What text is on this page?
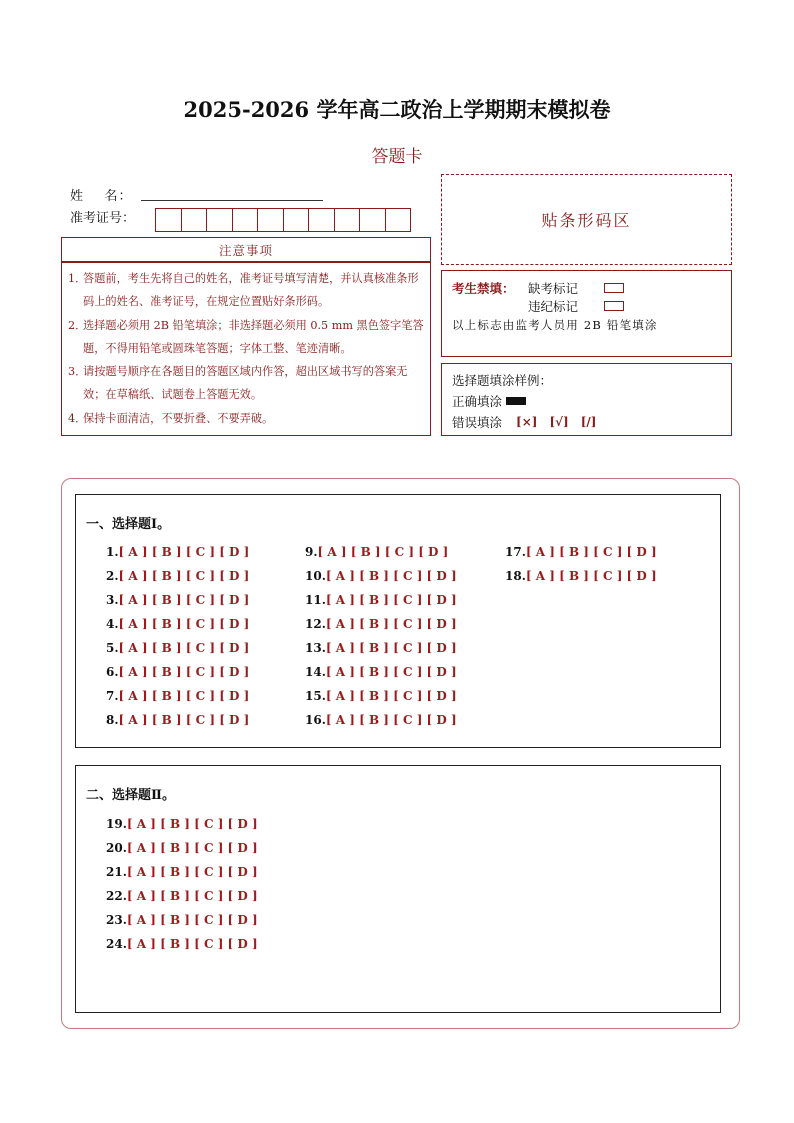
2025-2026 学年高二政治上学期期末模拟卷
答题卡
姓    名：
准考证号：	贴条形码区
注意事项
1．
答题前，考生先将自己的姓名，准考证号填写清楚，并认真核准条形码上的姓名、准考证号，在规定位置贴好条形码。
2．
选择题必须用 2B 铅笔填涂；非选择题必须用 0.5 mm 黑色签字笔答题，不得用铅笔或圆珠笔答题；字体工整、笔迹清晰。
3．
请按题号顺序在各题目的答题区域内作答，超出区域书写的答案无效；在草稿纸、试题卷上答题无效。
4．
保持卡面清洁，不要折叠、不要弄破。
考生禁填： 缺考标记
违纪标记
以上标志由监考人员用 2B 铅笔填涂
选择题填涂样例：
正确填涂
错误填涂 [×] [√] [/]
一、选择题Ⅰ。
1.[ A ] [ B ] [ C ] [ D ]
2.[ A ] [ B ] [ C ] [ D ]
3.[ A ] [ B ] [ C ] [ D ]
4.[ A ] [ B ] [ C ] [ D ]
5.[ A ] [ B ] [ C ] [ D ]
6.[ A ] [ B ] [ C ] [ D ]
7.[ A ] [ B ] [ C ] [ D ]
8.[ A ] [ B ] [ C ] [ D ]
9.[ A ] [ B ] [ C ] [ D ]
10.[ A ] [ B ] [ C ] [ D ]
11.[ A ] [ B ] [ C ] [ D ]
12.[ A ] [ B ] [ C ] [ D ]
13.[ A ] [ B ] [ C ] [ D ]
14.[ A ] [ B ] [ C ] [ D ]
15.[ A ] [ B ] [ C ] [ D ]
16.[ A ] [ B ] [ C ] [ D ]
17.[ A ] [ B ] [ C ] [ D ]
18.[ A ] [ B ] [ C ] [ D ]
二、选择题Ⅱ。
19.[ A ] [ B ] [ C ] [ D ]
20.[ A ] [ B ] [ C ] [ D ]
21.[ A ] [ B ] [ C ] [ D ]
22.[ A ] [ B ] [ C ] [ D ]
23.[ A ] [ B ] [ C ] [ D ]
24.[ A ] [ B ] [ C ] [ D ]
